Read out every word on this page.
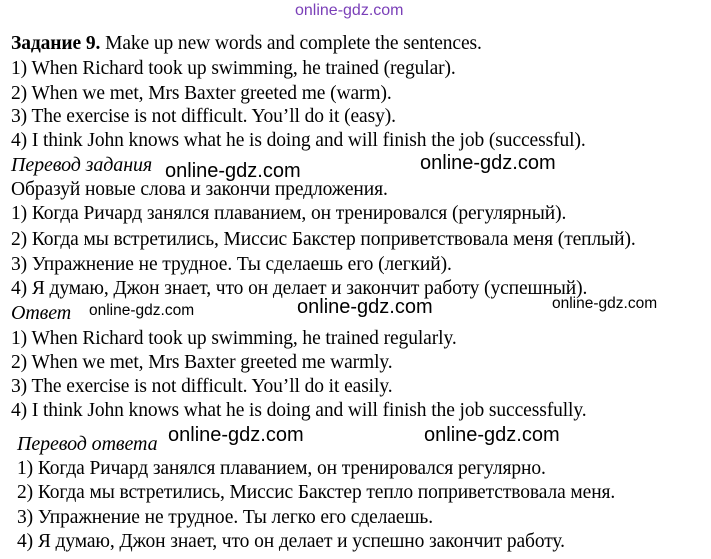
online-gdz.com
Задание 9. Make up new words and complete the sentences.
1) When Richard took up swimming, he trained (regular).
2) When we met, Mrs Baxter greeted me (warm).
3) The exercise is not difficult. You’ll do it (easy).
4) I think John knows what he is doing and will finish the job (successful).
Перевод задания online-gdz.com	online-gdz.com
Образуй новые слова и закончи предложения.
1) Когда Ричард занялся плаванием, он тренировался (регулярный).
2) Когда мы встретились, Миссис Бакстер поприветствовала меня (теплый).
3) Упражнение не трудное. Ты сделаешь его (легкий).
4) Я думаю, Джон знает, что он делает и закончит работу (успешный).
online-gdz.com
Ответ online-gdz.com	online-gdz.com
1) When Richard took up swimming, he trained regularly.
2) When we met, Mrs Baxter greeted me warmly.
3) The exercise is not difficult. You’ll do it easily.
4) I think John knows what he is doing and will finish the job successfully.
Перевод ответа online-gdz.com	online-gdz.com
1) Когда Ричард занялся плаванием, он тренировался регулярно.
2) Когда мы встретились, Миссис Бакстер тепло поприветствовала меня.
3) Упражнение не трудное. Ты легко его сделаешь.
4) Я думаю, Джон знает, что он делает и успешно закончит работу.
